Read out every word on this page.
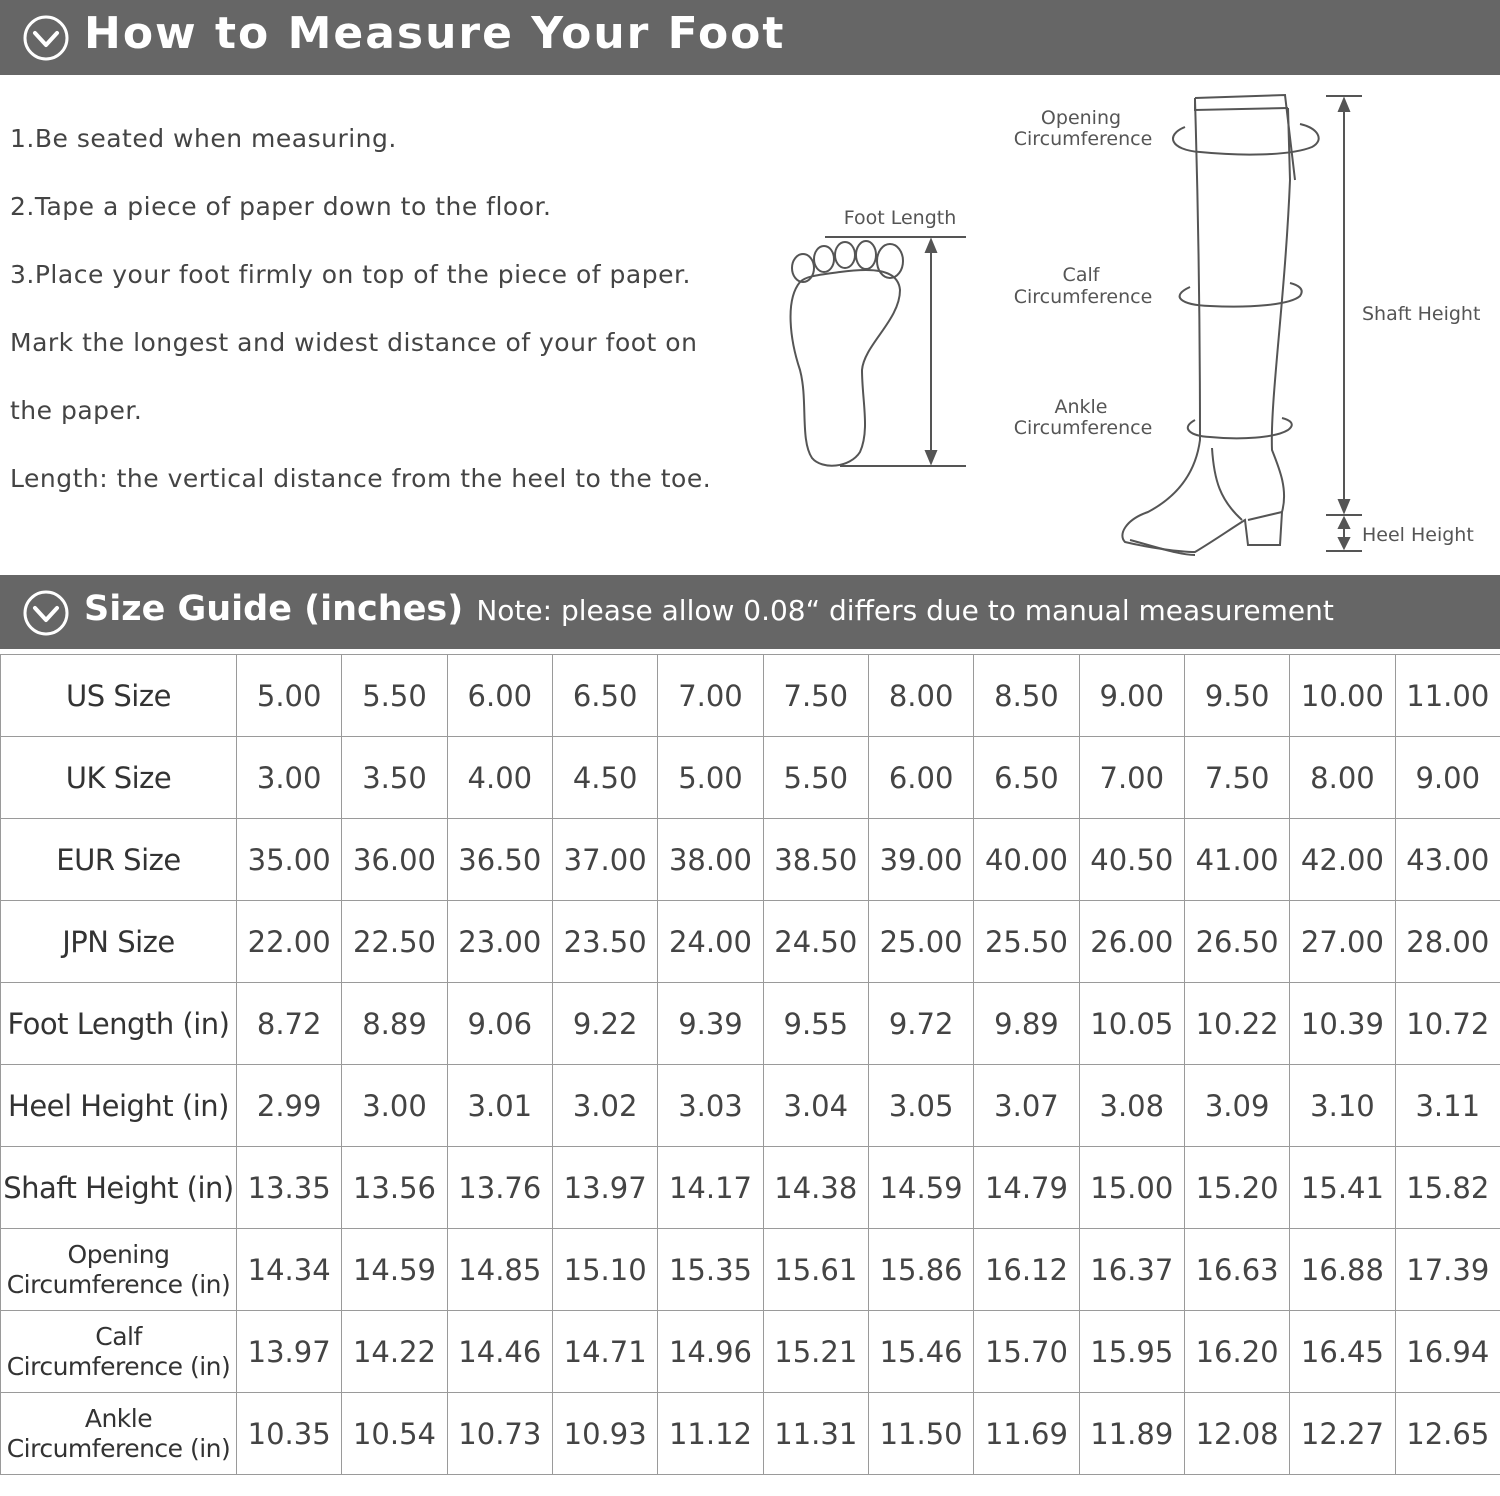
How to Measure Your Foot
1.Be seated when measuring.
2.Tape a piece of paper down to the floor.
3.Place your foot firmly on top of the piece of paper.
Mark the longest and widest distance of your foot on
the paper.
Length: the vertical distance from the heel to the toe.
Foot Length
Opening
Circumference
Calf
Circumference
Ankle
Circumference
Shaft Height
Heel Height
Size Guide (inches) Note: please allow 0.08“ differs due to manual measurement
US Size	5.00	5.50	6.00	6.50	7.00	7.50	8.00	8.50	9.00	9.50	10.00	11.00
UK Size	3.00	3.50	4.00	4.50	5.00	5.50	6.00	6.50	7.00	7.50	8.00	9.00
EUR Size	35.00	36.00	36.50	37.00	38.00	38.50	39.00	40.00	40.50	41.00	42.00	43.00
JPN Size	22.00	22.50	23.00	23.50	24.00	24.50	25.00	25.50	26.00	26.50	27.00	28.00
Foot Length (in)	8.72	8.89	9.06	9.22	9.39	9.55	9.72	9.89	10.05	10.22	10.39	10.72
Heel Height (in)	2.99	3.00	3.01	3.02	3.03	3.04	3.05	3.07	3.08	3.09	3.10	3.11
Shaft Height (in)	13.35	13.56	13.76	13.97	14.17	14.38	14.59	14.79	15.00	15.20	15.41	15.82

Opening
Circumference (in)	14.34	14.59	14.85	15.10	15.35	15.61	15.86	16.12	16.37	16.63	16.88	17.39

Calf
Circumference (in)	13.97	14.22	14.46	14.71	14.96	15.21	15.46	15.70	15.95	16.20	16.45	16.94

Ankle
Circumference (in)	10.35	10.54	10.73	10.93	11.12	11.31	11.50	11.69	11.89	12.08	12.27	12.65
